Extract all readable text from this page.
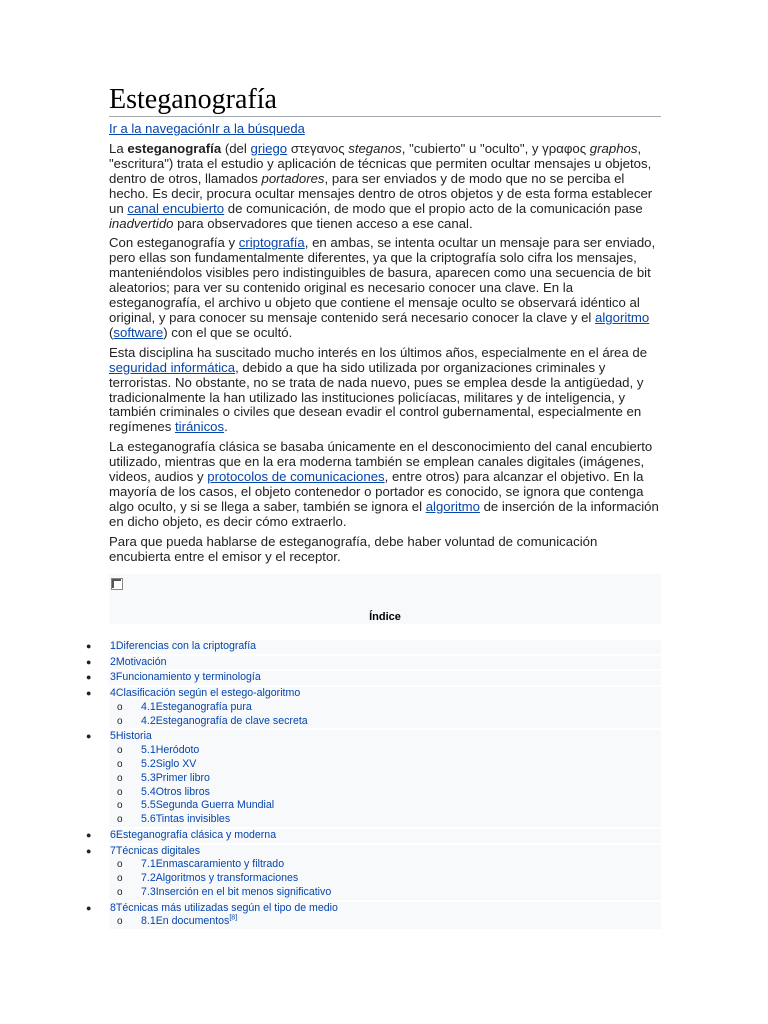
Esteganografía
Ir a la navegaciónIr a la búsqueda

La esteganografía (del griego στεγανος steganos, "cubierto" u "oculto", y γραφος graphos, "escritura") trata el estudio y aplicación de técnicas que permiten ocultar mensajes u objetos, dentro de otros, llamados portadores, para ser enviados y de modo que no se perciba el hecho. Es decir, procura ocultar mensajes dentro de otros objetos y de esta forma establecer un canal encubierto de comunicación, de modo que el propio acto de la comunicación pase inadvertido para observadores que tienen acceso a ese canal.

Con esteganografía y criptografía, en ambas, se intenta ocultar un mensaje para ser enviado, pero ellas son fundamentalmente diferentes, ya que la criptografía solo cifra los mensajes, manteniéndolos visibles pero indistinguibles de basura, aparecen como una secuencia de bit aleatorios; para ver su contenido original es necesario conocer una clave. En la esteganografía, el archivo u objeto que contiene el mensaje oculto se observará idéntico al original, y para conocer su mensaje contenido será necesario conocer la clave y el algoritmo (software) con el que se ocultó.

Esta disciplina ha suscitado mucho interés en los últimos años, especialmente en el área de seguridad informática, debido a que ha sido utilizada por organizaciones criminales y terroristas. No obstante, no se trata de nada nuevo, pues se emplea desde la antigüedad, y tradicionalmente la han utilizado las instituciones policíacas, militares y de inteligencia, y también criminales o civiles que desean evadir el control gubernamental, especialmente en regímenes tiránicos.

La esteganografía clásica se basaba únicamente en el desconocimiento del canal encubierto utilizado, mientras que en la era moderna también se emplean canales digitales (imágenes, videos, audios y protocolos de comunicaciones, entre otros) para alcanzar el objetivo. En la mayoría de los casos, el objeto contenedor o portador es conocido, se ignora que contenga algo oculto, y si se llega a saber, también se ignora el algoritmo de inserción de la información en dicho objeto, es decir cómo extraerlo.

Para que pueda hablarse de esteganografía, debe haber voluntad de comunicación encubierta entre el emisor y el receptor.

Índice
● 1Diferencias con la criptografía
● 2Motivación
● 3Funcionamiento y terminología
● 4Clasificación según el estego-algoritmo
o 4.1Esteganografía pura
o 4.2Esteganografía de clave secreta
● 5Historia
o 5.1Heródoto
o 5.2Siglo XV
o 5.3Primer libro
o 5.4Otros libros
o 5.5Segunda Guerra Mundial
o 5.6Tintas invisibles
● 6Esteganografía clásica y moderna
● 7Técnicas digitales
o 7.1Enmascaramiento y filtrado
o 7.2Algoritmos y transformaciones
o 7.3Inserción en el bit menos significativo
● 8Técnicas más utilizadas según el tipo de medio
o 8.1En documentos[8]
